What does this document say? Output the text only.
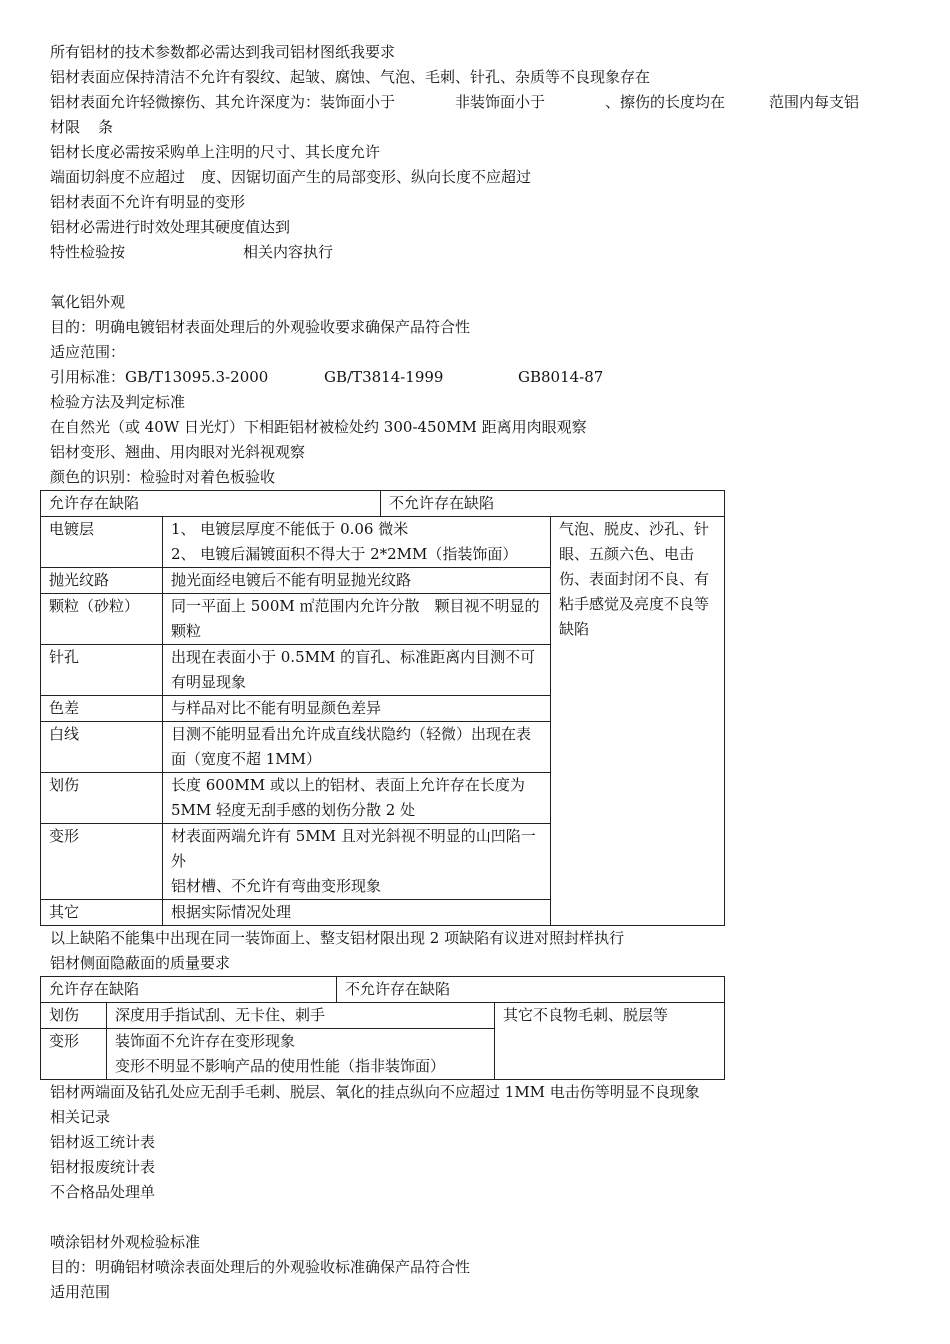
所有铝材的技术参数都必需达到我司铝材图纸我要求
铝材表面应保持清洁不允许有裂纹、起皱、腐蚀、气泡、毛刺、针孔、杂质等不良现象存在
铝材表面允许轻微擦伤、其允许深度为：装饰面小于	非装饰面小于	、擦伤的长度均在	范围内每支铝
材限 条
铝材长度必需按采购单上注明的尺寸、其长度允许
端面切斜度不应超过 度、因锯切面产生的局部变形、纵向长度不应超过
铝材表面不允许有明显的变形
铝材必需进行时效处理其硬度值达到
特性检验按	相关内容执行
氧化铝外观
目的：明确电镀铝材表面处理后的外观验收要求确保产品符合性
适应范围：
引用标准：GB/T13095.3-2000	GB/T3814-1999	GB8014-87
检验方法及判定标准
在自然光（或 40W 日光灯）下相距铝材被检处约 300-450MM 距离用肉眼观察
铝材变形、翘曲、用肉眼对光斜视观察
颜色的识别：检验时对着色板验收
允许存在缺陷		不允许存在缺陷	
电镀层	1、 电镀层厚度不能低于 0.06 微米
2、 电镀后漏镀面积不得大于 2*2MM（指装饰面）		气泡、脱皮、沙孔、针眼、五颜六色、电击伤、表面封闭不良、有粘手感觉及亮度不良等缺陷
抛光纹路	抛光面经电镀后不能有明显抛光纹路		
颗粒（砂粒）	同一平面上 500M ㎡范围内允许分散　颗目视不明显的颗粒		
针孔	出现在表面小于 0.5MM 的盲孔、标准距离内目测不可有明显现象		
色差	与样品对比不能有明显颜色差异		
白线	目测不能明显看出允许成直线状隐约（轻微）出现在表面（宽度不超 1MM）		
划伤	长度 600MM 或以上的铝材、表面上允许存在长度为 5MM 轻度无刮手感的划伤分散 2 处		
变形	材表面两端允许有 5MM 且对光斜视不明显的山凹陷一外
铝材槽、不允许有弯曲变形现象		

其它	根据实际情况处理		
以上缺陷不能集中出现在同一装饰面上、整支铝材限出现 2 项缺陷有议进对照封样执行
铝材侧面隐蔽面的质量要求
允许存在缺陷		不允许存在缺陷	
划伤	深度用手指试刮、无卡住、刺手		其它不良物毛刺、脱层等
变形	装饰面不允许存在变形现象
变形不明显不影响产品的使用性能（指非装饰面）		
铝材两端面及钻孔处应无刮手毛刺、脱层、氧化的挂点纵向不应超过 1MM 电击伤等明显不良现象
相关记录
铝材返工统计表
铝材报废统计表
不合格品处理单
喷涂铝材外观检验标准
目的：明确铝材喷涂表面处理后的外观验收标准确保产品符合性
适用范围
